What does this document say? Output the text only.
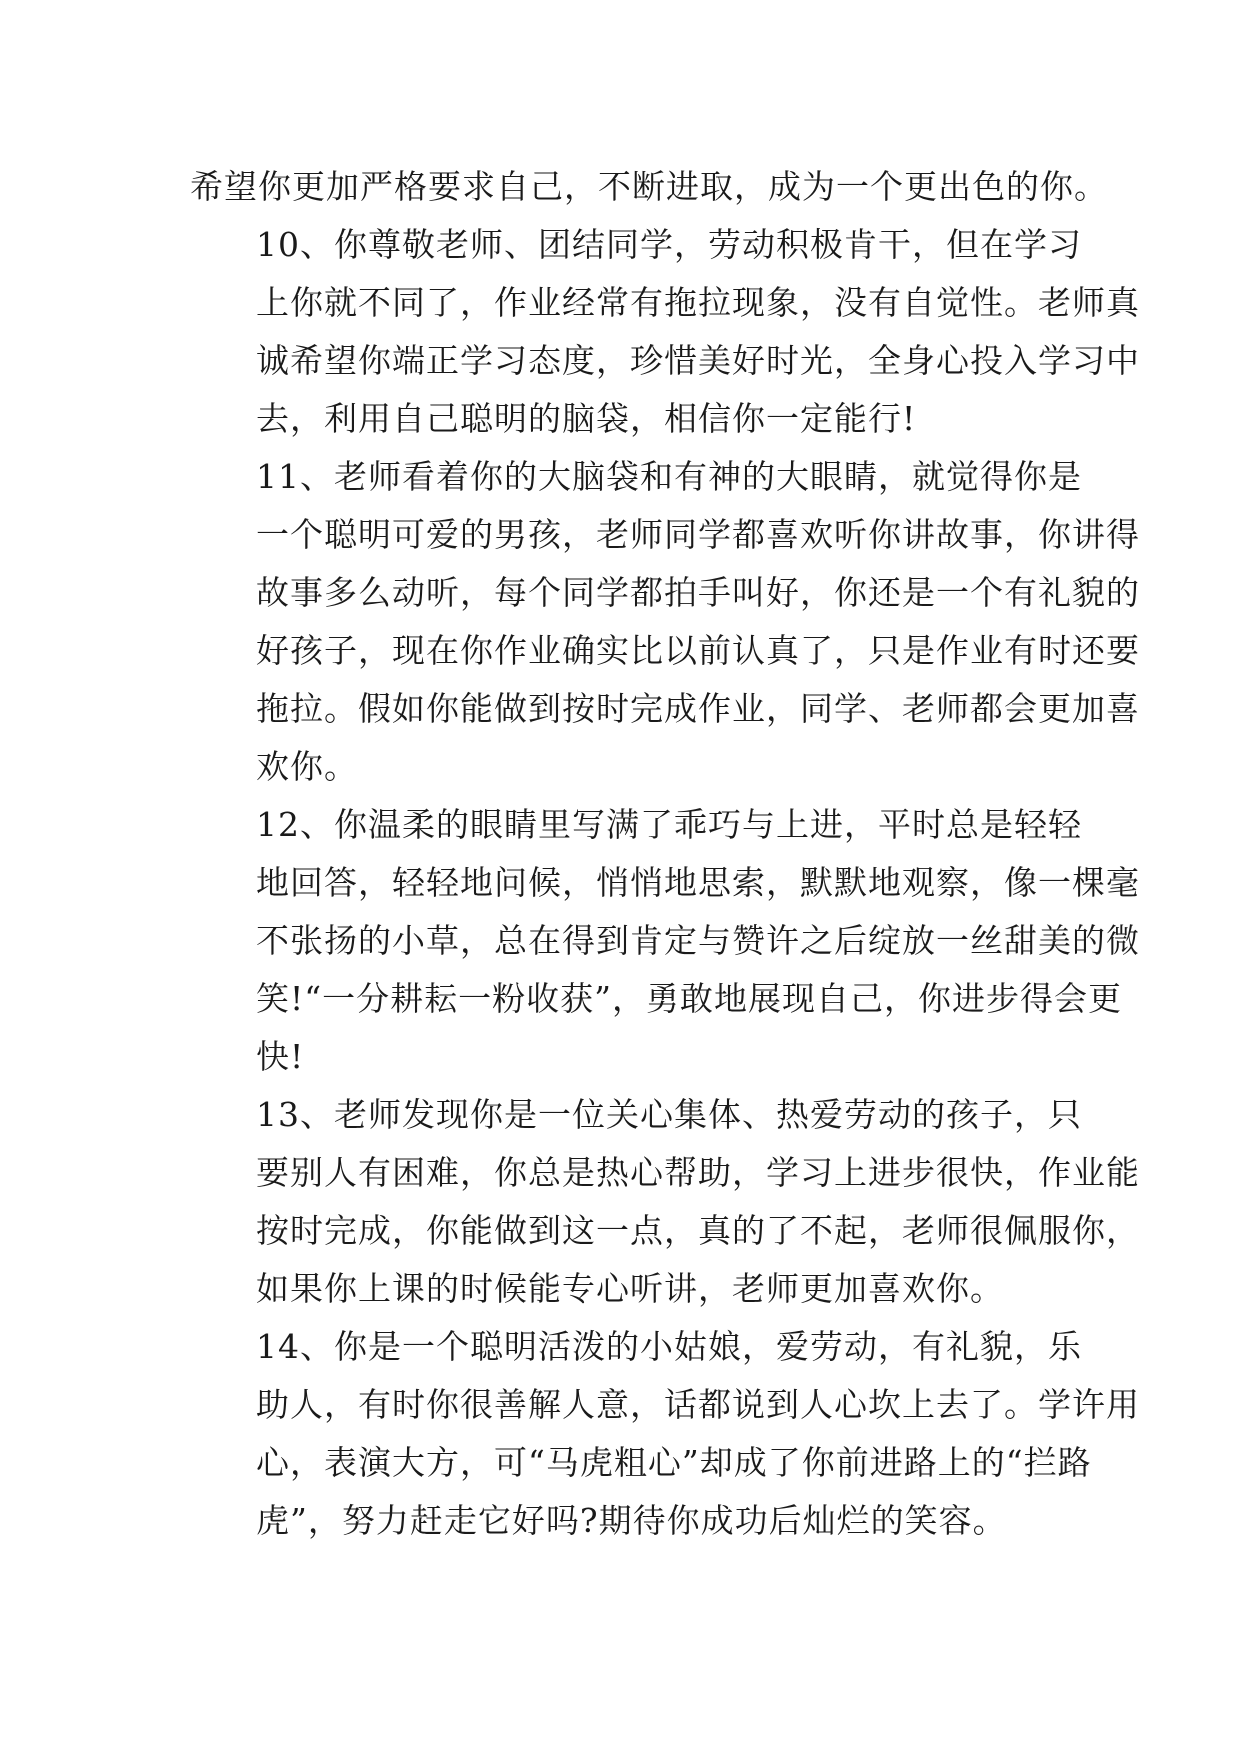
希望你更加严格要求自己，不断进取，成为一个更出色的你。

10、你尊敬老师、团结同学，劳动积极肯干，但在学习
上你就不同了，作业经常有拖拉现象，没有自觉性。老师真
诚希望你端正学习态度，珍惜美好时光，全身心投入学习中
去，利用自己聪明的脑袋，相信你一定能行!

11、老师看着你的大脑袋和有神的大眼睛，就觉得你是
一个聪明可爱的男孩，老师同学都喜欢听你讲故事，你讲得
故事多么动听，每个同学都拍手叫好，你还是一个有礼貌的
好孩子，现在你作业确实比以前认真了，只是作业有时还要
拖拉。假如你能做到按时完成作业，同学、老师都会更加喜
欢你。

12、你温柔的眼睛里写满了乖巧与上进，平时总是轻轻
地回答，轻轻地问候，悄悄地思索，默默地观察，像一棵毫
不张扬的小草，总在得到肯定与赞许之后绽放一丝甜美的微
笑!“一分耕耘一粉收获”，勇敢地展现自己，你进步得会更
快!

13、老师发现你是一位关心集体、热爱劳动的孩子，只
要别人有困难，你总是热心帮助，学习上进步很快，作业能
按时完成，你能做到这一点，真的了不起，老师很佩服你，
如果你上课的时候能专心听讲，老师更加喜欢你。

14、你是一个聪明活泼的小姑娘，爱劳动，有礼貌，乐
助人，有时你很善解人意，话都说到人心坎上去了。学许用
心，表演大方，可“马虎粗心”却成了你前进路上的“拦路
虎”，努力赶走它好吗?期待你成功后灿烂的笑容。
